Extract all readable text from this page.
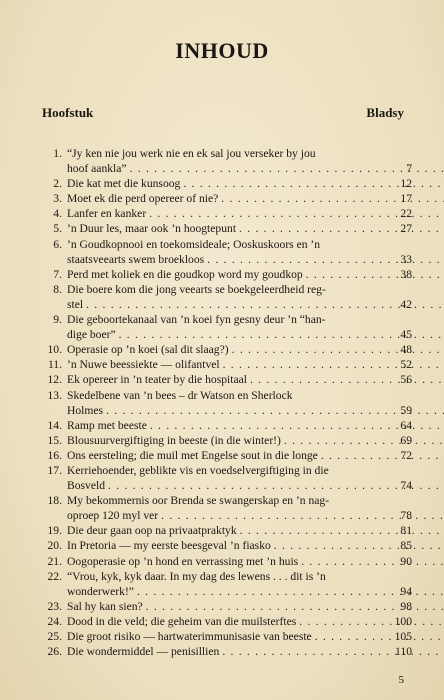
INHOUD
Hoofstuk	Bladsy
1. “Jy ken nie jou werk nie en ek sal jou verseker by jou
hoof aankla” . . .	7
2. Die kat met die kunsoog . . .	12
3. Moet ek die perd opereer of nie? . . .	17
4. Lanfer en kanker . . .	22
5. ’n Duur les, maar ook ’n hoogtepunt . . .	27
6. ’n Goudkopnooi en toekomsideale; Ooskuskoors en ’n
staatsveearts swem broekloos . . .	33
7. Perd met koliek en die goudkop word my goudkop . . .	38
8. Die boere kom die jong veearts se boekgeleerdheid reg-
stel . . .	42
9. Die geboortekanaal van ’n koei fyn gesny deur ’n “han-
dige boer” . . .	45
10. Operasie op ’n koei (sal dit slaag?) . . .	48
11. ’n Nuwe beessiekte — olifantvel . . .	52
12. Ek opereer in ’n teater by die hospitaal . . .	56
13. Skedelbene van ’n bees – dr Watson en Sherlock
Holmes . . .	59
14. Ramp met beeste . . .	64
15. Blousuurvergiftiging in beeste (in die winter!) . . .	69
16. Ons eersteling; die muil met Engelse sout in die longe . . .	72
17. Kerriehoender, geblikte vis en voedselvergiftiging in die
Bosveld . . .	74
18. My bekommernis oor Brenda se swangerskap en ’n nag-
oproep 120 myl ver . . .	78
19. Die deur gaan oop na privaatpraktyk . . .	81
20. In Pretoria — my eerste beesgeval ’n fiasko . . .	85
21. Oogoperasie op ’n hond en verrassing met ’n huis . . .	90
22. “Vrou, kyk, kyk daar. In my dag des lewens . . . dit is ’n
wonderwerk!” . . .	94
23. Sal hy kan sien? . . .	98
24. Dood in die veld; die geheim van die muilsterftes . . .	100
25. Die groot risiko — hartwaterimmunisasie van beeste . . .	105
26. Die wondermiddel — penisillien . . .	110
5
